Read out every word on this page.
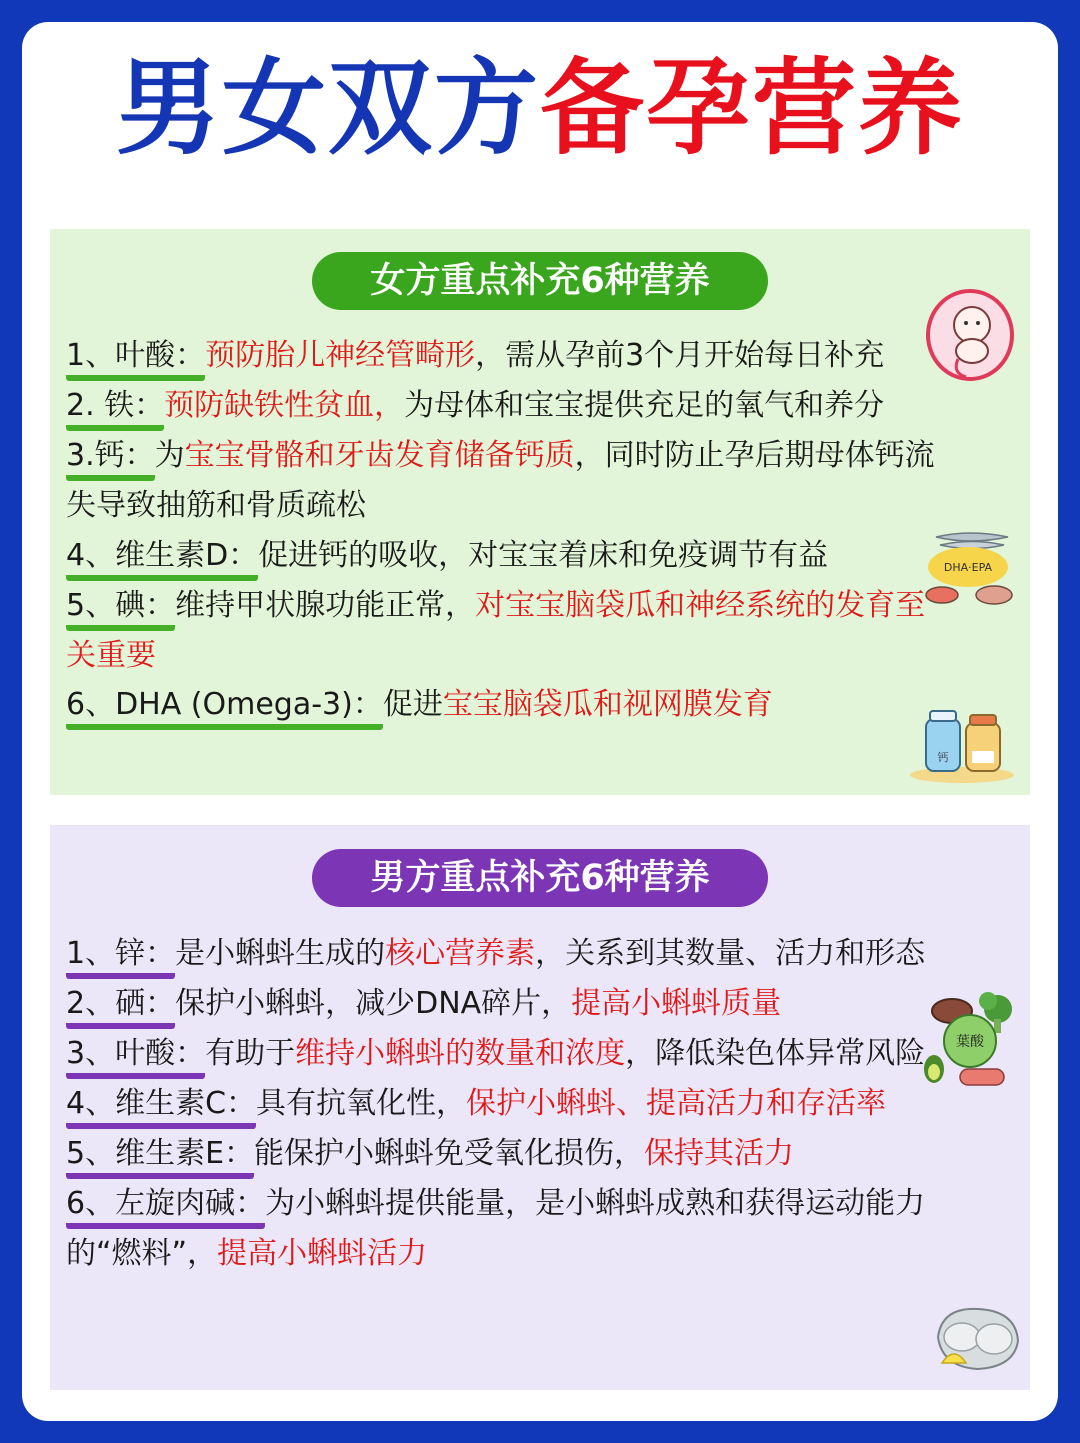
男女双方备孕营养
女方重点补充6种营养
1、叶酸：预防胎儿神经管畸形，需从孕前3个月开始每日补充
2. 铁：预防缺铁性贫血，为母体和宝宝提供充足的氧气和养分
3.钙：为宝宝骨骼和牙齿发育储备钙质，同时防止孕后期母体钙流失导致抽筋和骨质疏松
4、维生素D：促进钙的吸收，对宝宝着床和免疫调节有益
5、碘：维持甲状腺功能正常，对宝宝脑袋瓜和神经系统的发育至关重要
6、DHA (Omega-3)：促进宝宝脑袋瓜和视网膜发育
DHA·EPA
钙
男方重点补充6种营养
1、锌：是小蝌蚪生成的核心营养素，关系到其数量、活力和形态
2、硒：保护小蝌蚪，减少DNA碎片，提高小蝌蚪质量
3、叶酸：有助于维持小蝌蚪的数量和浓度，降低染色体异常风险
4、维生素C：具有抗氧化性，保护小蝌蚪、提高活力和存活率
5、维生素E：能保护小蝌蚪免受氧化损伤，保持其活力
6、左旋肉碱：为小蝌蚪提供能量，是小蝌蚪成熟和获得运动能力的“燃料”，提高小蝌蚪活力
葉酸
